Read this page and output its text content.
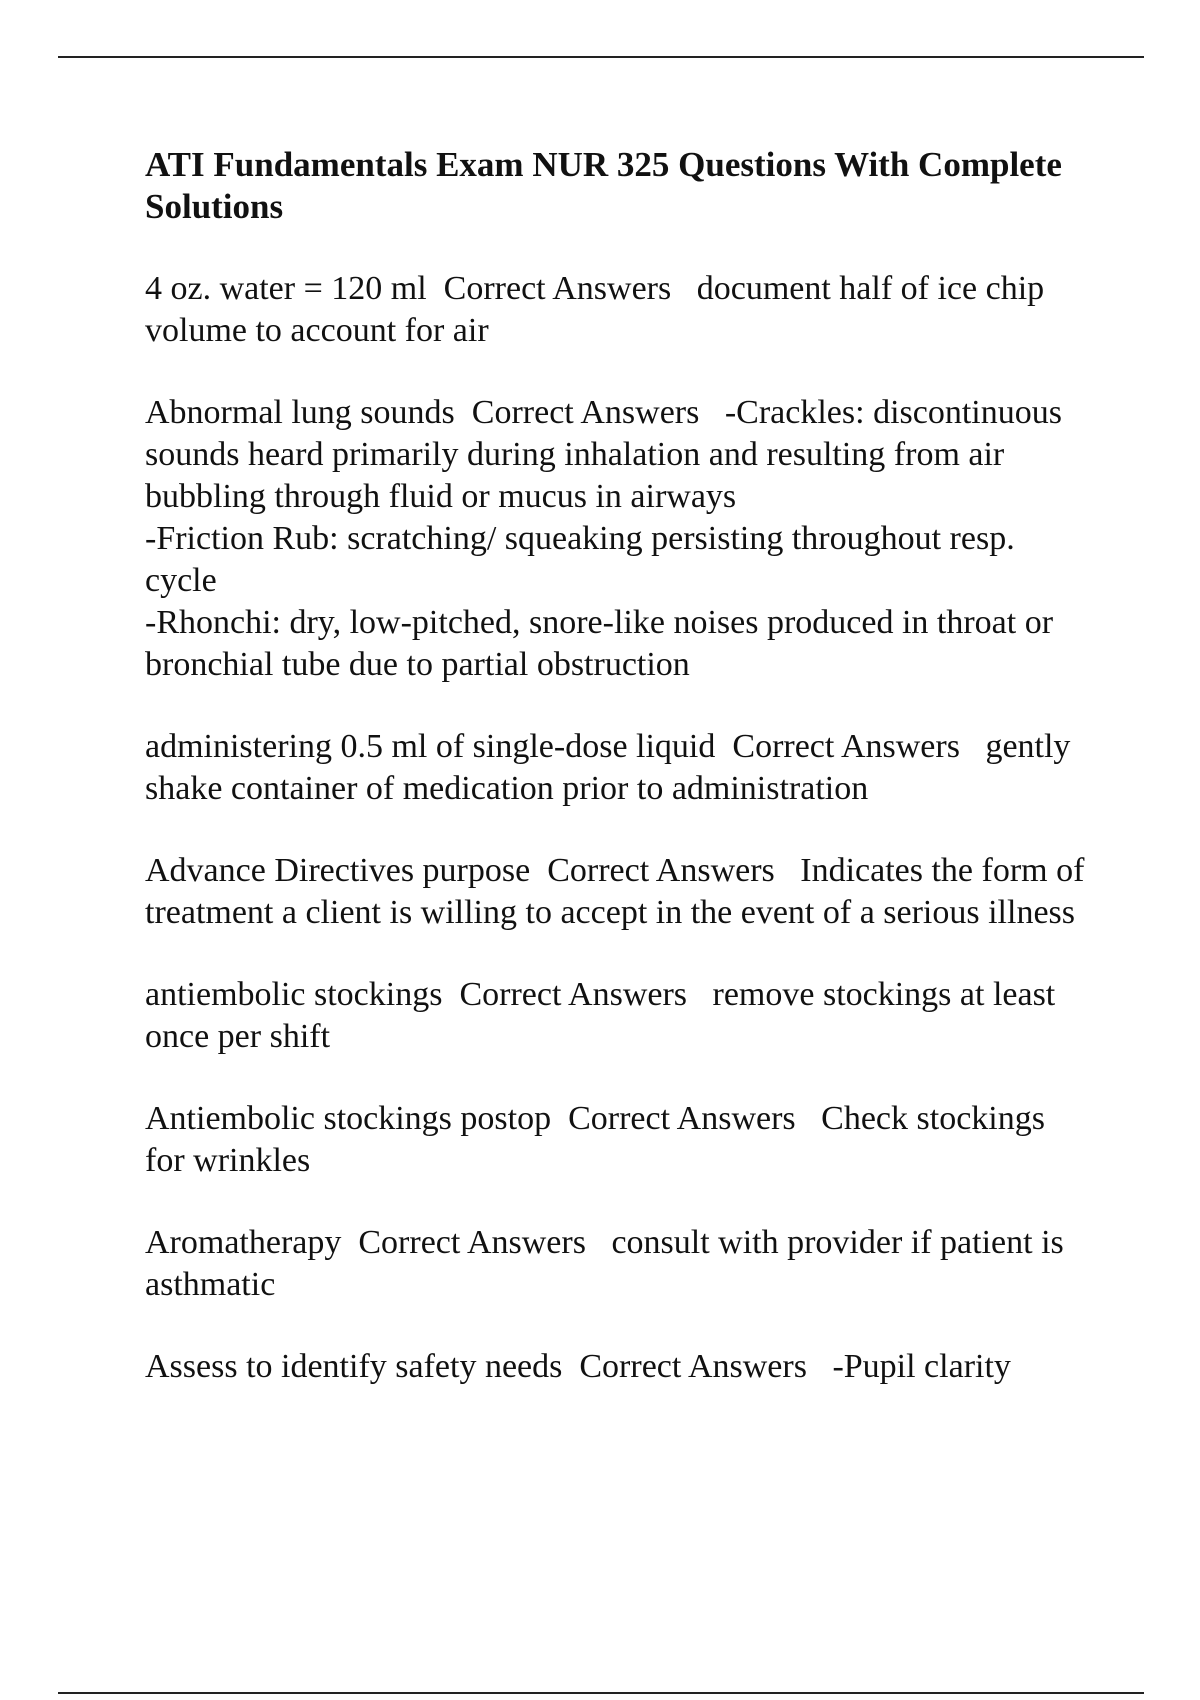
ATI Fundamentals Exam NUR 325 Questions With Complete Solutions

4 oz. water = 120 ml  Correct Answers   document half of ice chip volume to account for air

Abnormal lung sounds  Correct Answers   -Crackles: discontinuous sounds heard primarily during inhalation and resulting from air bubbling through fluid or mucus in airways
-Friction Rub: scratching/ squeaking persisting throughout resp. cycle
-Rhonchi: dry, low-pitched, snore-like noises produced in throat or bronchial tube due to partial obstruction

administering 0.5 ml of single-dose liquid  Correct Answers   gently shake container of medication prior to administration

Advance Directives purpose  Correct Answers   Indicates the form of treatment a client is willing to accept in the event of a serious illness

antiembolic stockings  Correct Answers   remove stockings at least once per shift

Antiembolic stockings postop  Correct Answers   Check stockings for wrinkles

Aromatherapy  Correct Answers   consult with provider if patient is asthmatic

Assess to identify safety needs  Correct Answers   -Pupil clarity
